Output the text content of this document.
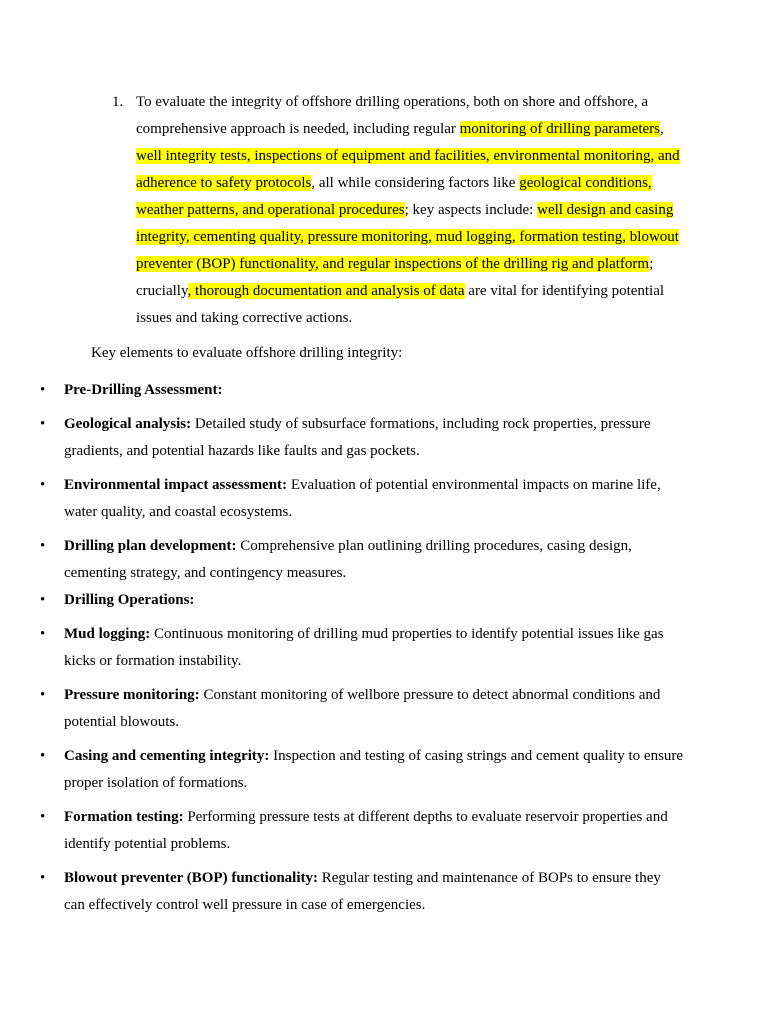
1. To evaluate the integrity of offshore drilling operations, both on shore and offshore, a comprehensive approach is needed, including regular monitoring of drilling parameters, well integrity tests, inspections of equipment and facilities, environmental monitoring, and adherence to safety protocols, all while considering factors like geological conditions, weather patterns, and operational procedures; key aspects include: well design and casing integrity, cementing quality, pressure monitoring, mud logging, formation testing, blowout preventer (BOP) functionality, and regular inspections of the drilling rig and platform; crucially, thorough documentation and analysis of data are vital for identifying potential issues and taking corrective actions.
Key elements to evaluate offshore drilling integrity:
• Pre-Drilling Assessment:
• Geological analysis: Detailed study of subsurface formations, including rock properties, pressure gradients, and potential hazards like faults and gas pockets.
• Environmental impact assessment: Evaluation of potential environmental impacts on marine life, water quality, and coastal ecosystems.
• Drilling plan development: Comprehensive plan outlining drilling procedures, casing design, cementing strategy, and contingency measures.
• Drilling Operations:
• Mud logging: Continuous monitoring of drilling mud properties to identify potential issues like gas kicks or formation instability.
• Pressure monitoring: Constant monitoring of wellbore pressure to detect abnormal conditions and potential blowouts.
• Casing and cementing integrity: Inspection and testing of casing strings and cement quality to ensure proper isolation of formations.
• Formation testing: Performing pressure tests at different depths to evaluate reservoir properties and identify potential problems.
• Blowout preventer (BOP) functionality: Regular testing and maintenance of BOPs to ensure they can effectively control well pressure in case of emergencies.
